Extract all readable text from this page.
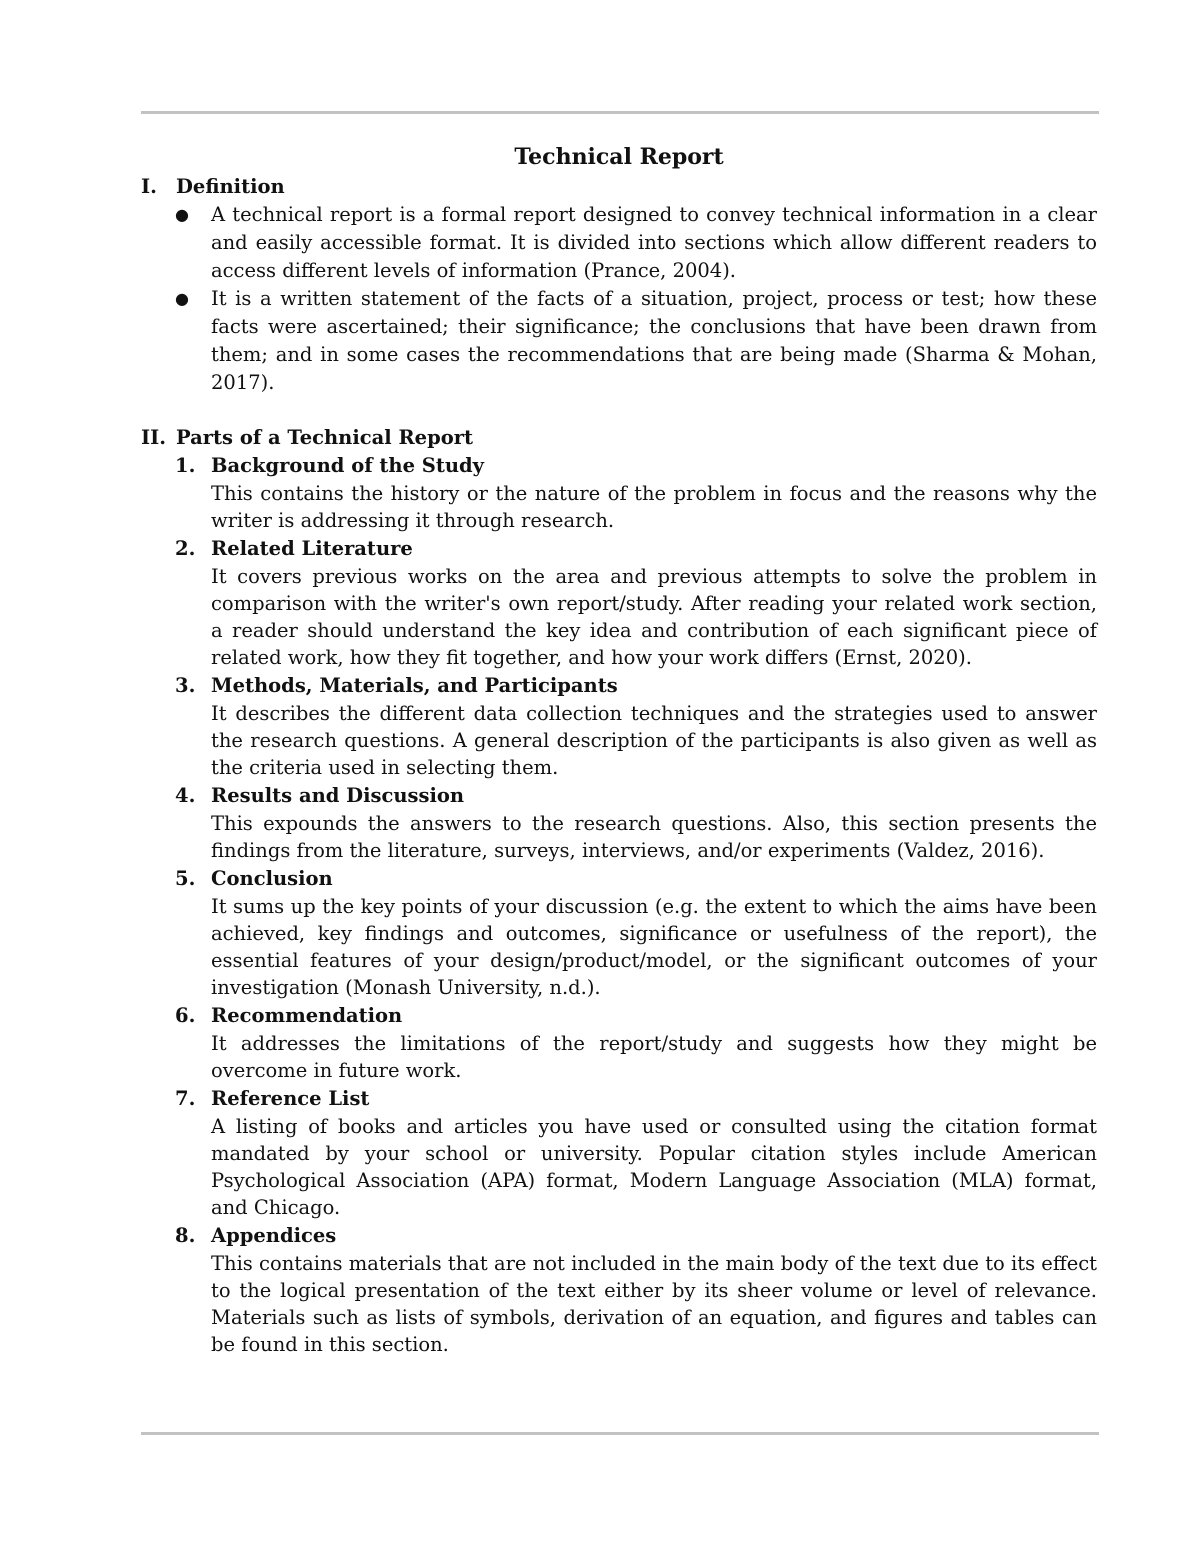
Technical Report
I. Definition
●	A technical report is a formal report designed to convey technical information in a clear and easily accessible format. It is divided into sections which allow different readers to access different levels of information (Prance, 2004).
●	It is a written statement of the facts of a situation, project, process or test; how these facts were ascertained; their significance; the conclusions that have been drawn from them; and in some cases the recommendations that are being made (Sharma & Mohan, 2017).
II. Parts of a Technical Report
1. Background of the Study
This contains the history or the nature of the problem in focus and the reasons why the writer is addressing it through research.
2. Related Literature
It covers previous works on the area and previous attempts to solve the problem in comparison with the writer's own report/study. After reading your related work section, a reader should understand the key idea and contribution of each significant piece of related work, how they fit together, and how your work differs (Ernst, 2020).
3. Methods, Materials, and Participants
It describes the different data collection techniques and the strategies used to answer the research questions. A general description of the participants is also given as well as the criteria used in selecting them.
4. Results and Discussion
This expounds the answers to the research questions. Also, this section presents the findings from the literature, surveys, interviews, and/or experiments (Valdez, 2016).
5. Conclusion
It sums up the key points of your discussion (e.g. the extent to which the aims have been achieved, key findings and outcomes, significance or usefulness of the report), the essential features of your design/product/model, or the significant outcomes of your investigation (Monash University, n.d.).
6. Recommendation
It addresses the limitations of the report/study and suggests how they might be overcome in future work.
7. Reference List
A listing of books and articles you have used or consulted using the citation format mandated by your school or university. Popular citation styles include American Psychological Association (APA) format, Modern Language Association (MLA) format, and Chicago.
8. Appendices
This contains materials that are not included in the main body of the text due to its effect to the logical presentation of the text either by its sheer volume or level of relevance. Materials such as lists of symbols, derivation of an equation, and figures and tables can be found in this section.
